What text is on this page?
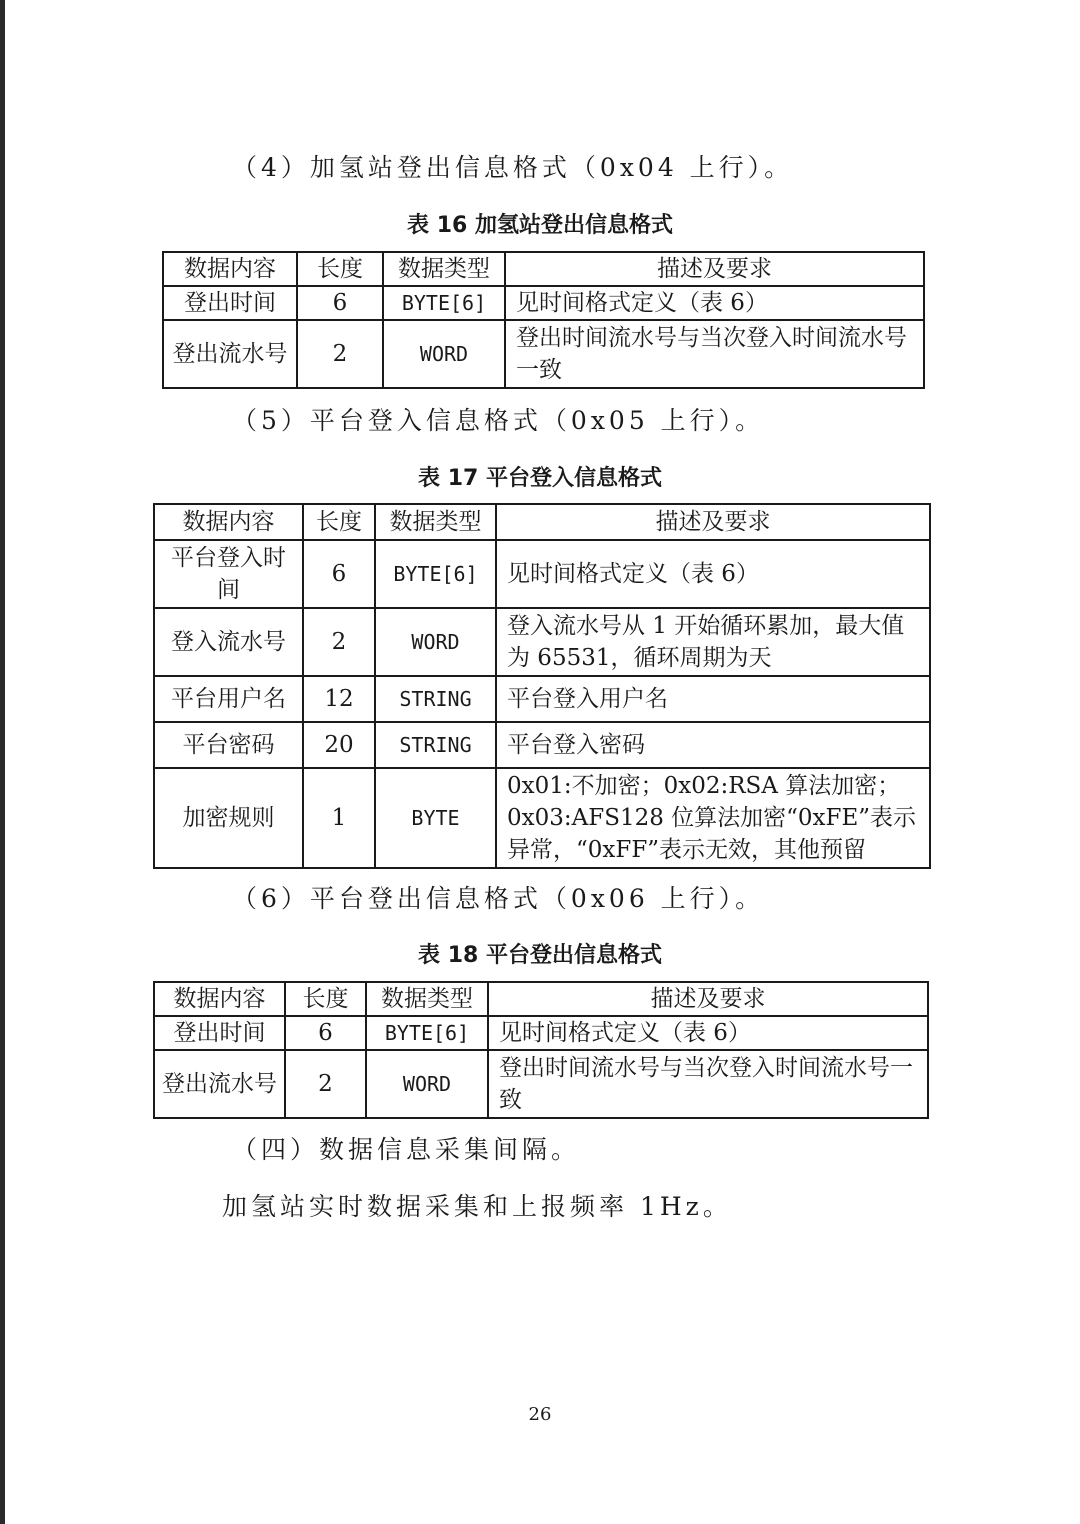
（4）加氢站登出信息格式（0x04 上行）。
表 16 加氢站登出信息格式
数据内容	长度	数据类型	描述及要求
登出时间	6	BYTE[6]	见时间格式定义（表 6）
登出流水号	2	WORD	登出时间流水号与当次登入时间流水号一致
（5）平台登入信息格式（0x05 上行）。
表 17 平台登入信息格式
数据内容	长度	数据类型	描述及要求
平台登入时间	6	BYTE[6]	见时间格式定义（表 6）
登入流水号	2	WORD	登入流水号从 1 开始循环累加，最大值为 65531，循环周期为天
平台用户名	12	STRING	平台登入用户名
平台密码	20	STRING	平台登入密码
加密规则	1	BYTE	0x01:不加密；0x02:RSA 算法加密；0x03:AFS128 位算法加密“0xFE”表示异常，“0xFF”表示无效，其他预留
（6）平台登出信息格式（0x06 上行）。
表 18 平台登出信息格式
数据内容	长度	数据类型	描述及要求
登出时间	6	BYTE[6]	见时间格式定义（表 6）
登出流水号	2	WORD	登出时间流水号与当次登入时间流水号一致
（四）数据信息采集间隔。
加氢站实时数据采集和上报频率 1Hz。
26
